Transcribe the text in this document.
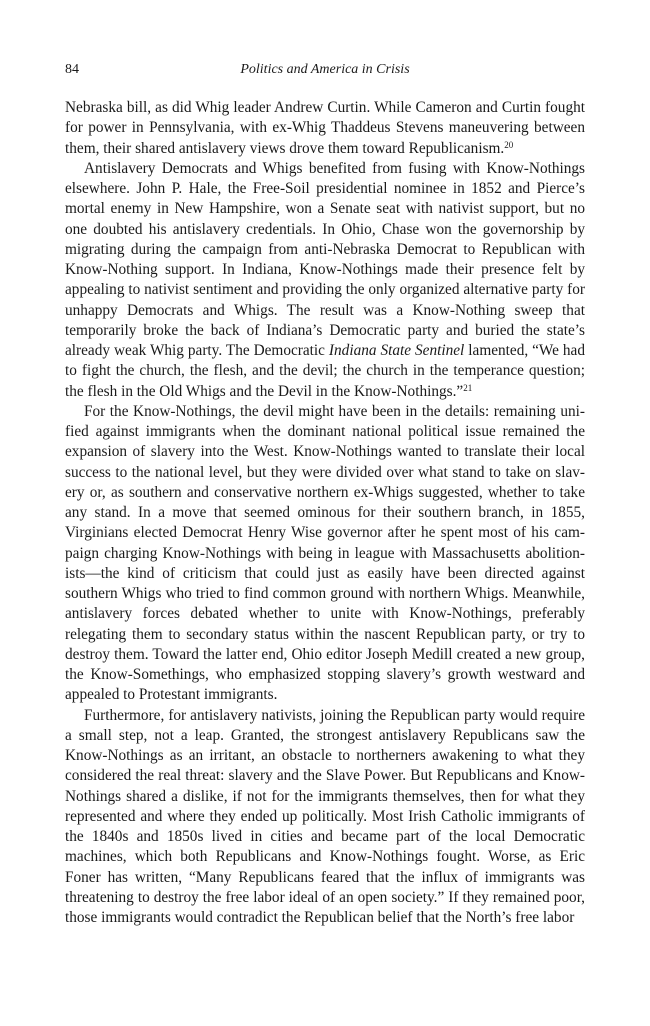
84	Politics and America in Crisis

Nebraska bill, as did Whig leader Andrew Curtin. While Cameron and Curtin fought for power in Pennsylvania, with ex-Whig Thaddeus Stevens maneuvering between them, their shared antislavery views drove them toward Republicanism.$^{20}$

Antislavery Democrats and Whigs benefited from fusing with Know-Nothings elsewhere. John P. Hale, the Free-Soil presidential nominee in 1852 and Pierce’s mortal enemy in New Hampshire, won a Senate seat with nativist support, but no one doubted his antislavery credentials. In Ohio, Chase won the governorship by migrating during the campaign from anti-Nebraska Democrat to Republican with Know-Nothing support. In Indiana, Know-Nothings made their presence felt by appealing to nativist sentiment and providing the only organized alternative party for unhappy Democrats and Whigs. The result was a Know-Nothing sweep that temporarily broke the back of Indiana’s Democratic party and buried the state’s already weak Whig party. The Democratic Indiana State Sentinel lamented, “We had to fight the church, the flesh, and the devil; the church in the temperance question; the flesh in the Old Whigs and the Devil in the Know-Nothings.”$^{21}$

For the Know-Nothings, the devil might have been in the details: remaining unified against immigrants when the dominant national political issue remained the expansion of slavery into the West. Know-Nothings wanted to translate their local success to the national level, but they were divided over what stand to take on slavery or, as southern and conservative northern ex-Whigs suggested, whether to take any stand. In a move that seemed ominous for their southern branch, in 1855, Virginians elected Democrat Henry Wise governor after he spent most of his campaign charging Know-Nothings with being in league with Massachusetts abolitionists—the kind of criticism that could just as easily have been directed against southern Whigs who tried to find common ground with northern Whigs. Meanwhile, antislavery forces debated whether to unite with Know-Nothings, preferably relegating them to secondary status within the nascent Republican party, or try to destroy them. Toward the latter end, Ohio editor Joseph Medill created a new group, the Know-Somethings, who emphasized stopping slavery’s growth westward and appealed to Protestant immigrants.

Furthermore, for antislavery nativists, joining the Republican party would require a small step, not a leap. Granted, the strongest antislavery Republicans saw the Know-Nothings as an irritant, an obstacle to northerners awakening to what they considered the real threat: slavery and the Slave Power. But Republicans and Know-Nothings shared a dislike, if not for the immigrants themselves, then for what they represented and where they ended up politically. Most Irish Catholic immigrants of the 1840s and 1850s lived in cities and became part of the local Democratic machines, which both Republicans and Know-Nothings fought. Worse, as Eric Foner has written, “Many Republicans feared that the influx of immigrants was threatening to destroy the free labor ideal of an open society.” If they remained poor, those immigrants would contradict the Republican belief that the North’s free labor
